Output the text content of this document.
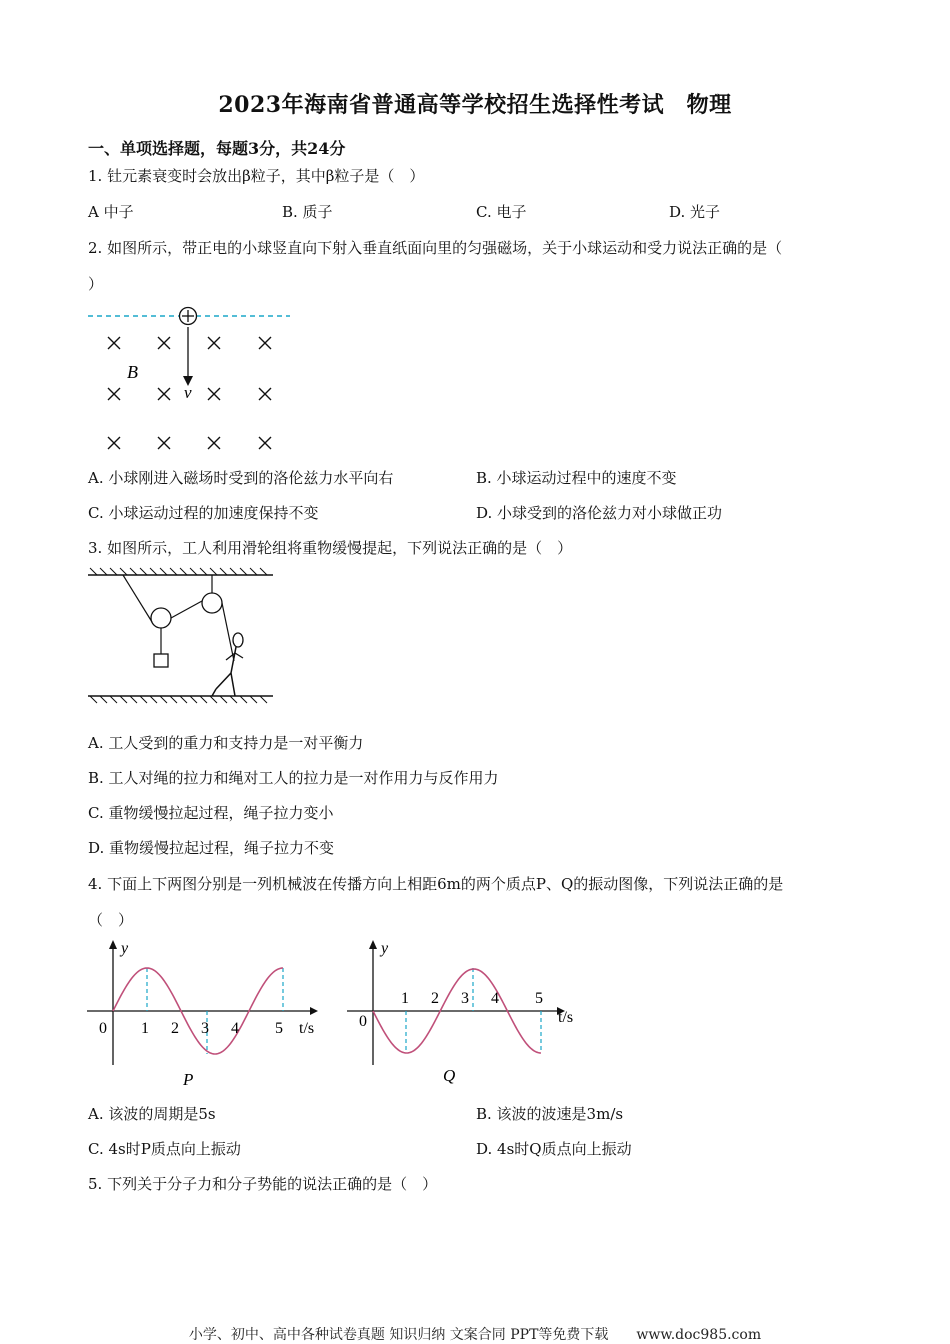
2023年海南省普通高等学校招生选择性考试　物理
一、单项选择题，每题3分，共24分
1. 钍元素衰变时会放出β粒子，其中β粒子是（　）
A 中子	B. 质子	C. 电子	D. 光子
2. 如图所示，带正电的小球竖直向下射入垂直纸面向里的匀强磁场，关于小球运动和受力说法正确的是（
）
B
v
A. 小球刚进入磁场时受到的洛伦兹力水平向右	B. 小球运动过程中的速度不变
C. 小球运动过程的加速度保持不变	D. 小球受到的洛伦兹力对小球做正功
3. 如图所示，工人利用滑轮组将重物缓慢提起，下列说法正确的是（　）
A. 工人受到的重力和支持力是一对平衡力
B. 工人对绳的拉力和绳对工人的拉力是一对作用力与反作用力
C. 重物缓慢拉起过程，绳子拉力变小
D. 重物缓慢拉起过程，绳子拉力不变
4. 下面上下两图分别是一列机械波在传播方向上相距6m的两个质点P、Q的振动图像，下列说法正确的是
（　）
y
t/s
0 1 2 3 4 5
P
y
t/s
0
1 2 3 4 5
Q
A. 该波的周期是5s	B. 该波的波速是3m/s
C. 4s时P质点向上振动	D. 4s时Q质点向上振动
5. 下列关于分子力和分子势能的说法正确的是（　）
小学、初中、高中各种试卷真题 知识归纳 文案合同 PPT等免费下载　　www.doc985.com
